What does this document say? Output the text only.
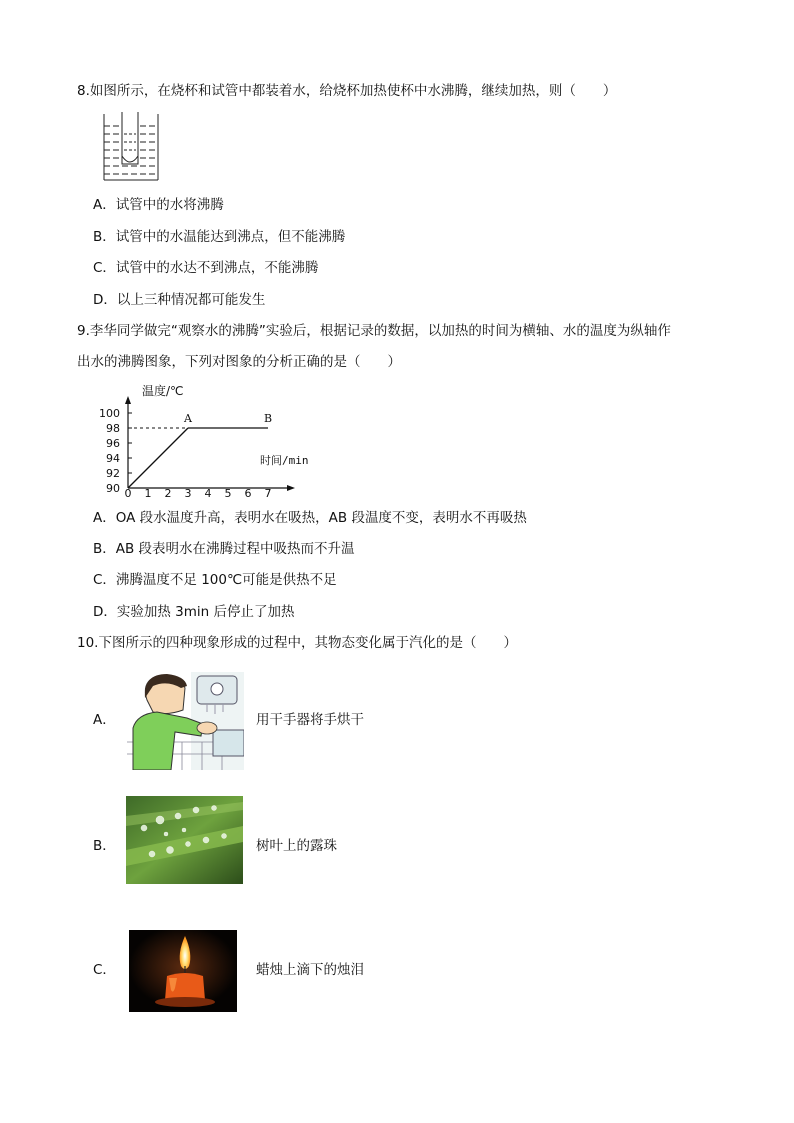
8.如图所示，在烧杯和试管中都装着水，给烧杯加热使杯中水沸腾，继续加热，则（　　）
A．试管中的水将沸腾
B．试管中的水温能达到沸点，但不能沸腾
C．试管中的水达不到沸点，不能沸腾
D．以上三种情况都可能发生
9.李华同学做完“观察水的沸腾”实验后，根据记录的数据，以加热的时间为横轴、水的温度为纵轴作
出水的沸腾图象，下列对图象的分析正确的是（　　）
温度/℃
时间/min
90
92
94
96
98
100
0 1 2 3 4 5 6 7
A	B
A．OA 段水温度升高，表明水在吸热，AB 段温度不变，表明水不再吸热
B．AB 段表明水在沸腾过程中吸热而不升温
C．沸腾温度不足 100℃可能是供热不足
D．实验加热 3min 后停止了加热
10.下图所示的四种现象形成的过程中，其物态变化属于汽化的是（　　）
A．	用干手器将手烘干
B．	树叶上的露珠
C．	蜡烛上滴下的烛泪
